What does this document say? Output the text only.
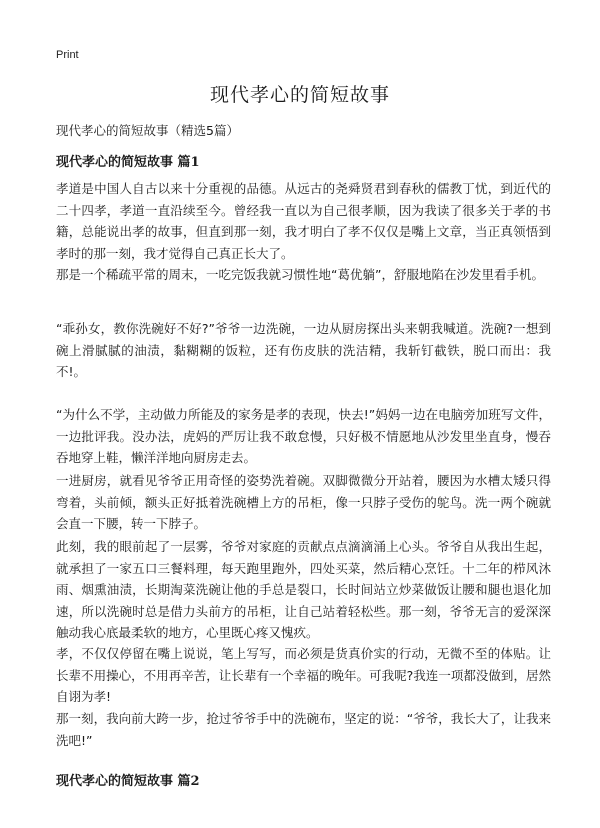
Print
现代孝心的简短故事
现代孝心的简短故事（精选5篇）
现代孝心的简短故事 篇1

孝道是中国人自古以来十分重视的品德。从远古的尧舜贤君到春秋的儒教丁忧，到近代的二十四孝，孝道一直沿续至今。曾经我一直以为自己很孝顺，因为我读了很多关于孝的书籍，总能说出孝的故事，但直到那一刻，我才明白了孝不仅仅是嘴上文章，当正真领悟到孝时的那一刻，我才觉得自己真正长大了。

那是一个稀疏平常的周末，一吃完饭我就习惯性地“葛优躺”，舒服地陷在沙发里看手机。

“乖孙女，教你洗碗好不好?”爷爷一边洗碗，一边从厨房探出头来朝我喊道。洗碗?一想到碗上滑腻腻的油渍，黏糊糊的饭粒，还有伤皮肤的洗洁精，我斩钉截铁，脱口而出：我不!。

“为什么不学，主动做力所能及的家务是孝的表现，快去!”妈妈一边在电脑旁加班写文件，一边批评我。没办法，虎妈的严厉让我不敢怠慢，只好极不情愿地从沙发里坐直身，慢吞吞地穿上鞋，懒洋洋地向厨房走去。

一进厨房，就看见爷爷正用奇怪的姿势洗着碗。双脚微微分开站着，腰因为水槽太矮只得弯着，头前倾，额头正好抵着洗碗槽上方的吊柜，像一只脖子受伤的鸵鸟。洗一两个碗就会直一下腰，转一下脖子。

此刻，我的眼前起了一层雾，爷爷对家庭的贡献点点滴滴涌上心头。爷爷自从我出生起，就承担了一家五口三餐料理，每天跑里跑外，四处买菜，然后精心烹饪。十二年的栉风沐雨、烟熏油渍，长期淘菜洗碗让他的手总是裂口，长时间站立炒菜做饭让腰和腿也退化加速，所以洗碗时总是借力头前方的吊柜，让自己站着轻松些。那一刻，爷爷无言的爱深深触动我心底最柔软的地方，心里既心疼又愧疚。

孝，不仅仅停留在嘴上说说，笔上写写，而必须是货真价实的行动，无微不至的体贴。让长辈不用操心，不用再辛苦，让长辈有一个幸福的晚年。可我呢?我连一项都没做到，居然自诩为孝!

那一刻，我向前大跨一步，抢过爷爷手中的洗碗布，坚定的说：“爷爷，我长大了，让我来洗吧!”

现代孝心的简短故事 篇2
